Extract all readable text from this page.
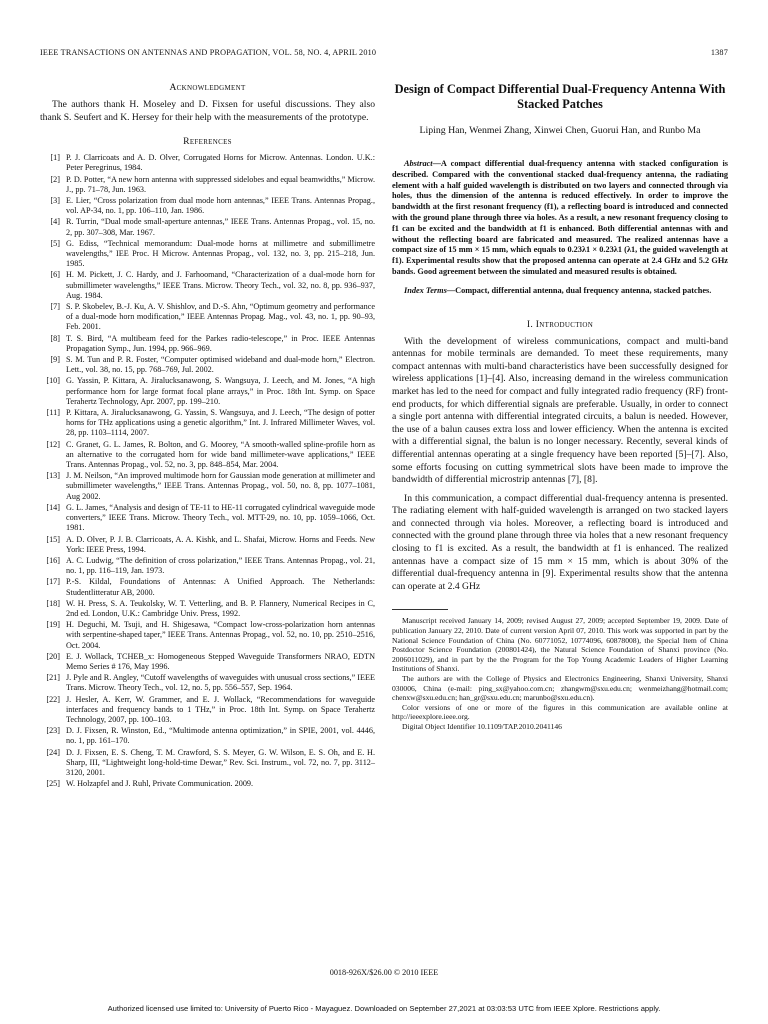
IEEE TRANSACTIONS ON ANTENNAS AND PROPAGATION, VOL. 58, NO. 4, APRIL 2010	1387

Acknowledgment

The authors thank H. Moseley and D. Fixsen for useful discussions. They also thank S. Seufert and K. Hersey for their help with the measurements of the prototype.

References

[1] P. J. Clarricoats and A. D. Olver, Corrugated Horns for Microw. Antennas. London. U.K.: Peter Peregrinus, 1984.
[2] P. D. Potter, “A new horn antenna with suppressed sidelobes and equal beamwidths,” Microw. J., pp. 71–78, Jun. 1963.
[3] E. Lier, “Cross polarization from dual mode horn antennas,” IEEE Trans. Antennas Propag., vol. AP-34, no. 1, pp. 106–110, Jan. 1986.
[4] R. Turrin, “Dual mode small-aperture antennas,” IEEE Trans. Antennas Propag., vol. 15, no. 2, pp. 307–308, Mar. 1967.
[5] G. Ediss, “Technical memorandum: Dual-mode horns at millimetre and submillimetre wavelengths,” IEE Proc. H Microw. Antennas Propag., vol. 132, no. 3, pp. 215–218, Jun. 1985.
[6] H. M. Pickett, J. C. Hardy, and J. Farhoomand, “Characterization of a dual-mode horn for submillimeter wavelengths,” IEEE Trans. Microw. Theory Tech., vol. 32, no. 8, pp. 936–937, Aug. 1984.
[7] S. P. Skobelev, B.-J. Ku, A. V. Shishlov, and D.-S. Ahn, “Optimum geometry and performance of a dual-mode horn modification,” IEEE Antennas Propag. Mag., vol. 43, no. 1, pp. 90–93, Feb. 2001.
[8] T. S. Bird, “A multibeam feed for the Parkes radio-telescope,” in Proc. IEEE Antennas Propagation Symp., Jun. 1994, pp. 966–969.
[9] S. M. Tun and P. R. Foster, “Computer optimised wideband and dual-mode horn,” Electron. Lett., vol. 38, no. 15, pp. 768–769, Jul. 2002.
[10] G. Yassin, P. Kittara, A. Jiralucksanawong, S. Wangsuya, J. Leech, and M. Jones, “A high performance horn for large format focal plane arrays,” in Proc. 18th Int. Symp. on Space Terahertz Technology, Apr. 2007, pp. 199–210.
[11] P. Kittara, A. Jiralucksanawong, G. Yassin, S. Wangsuya, and J. Leech, “The design of potter horns for THz applications using a genetic algorithm,” Int. J. Infrared Millimeter Waves, vol. 28, pp. 1103–1114, 2007.
[12] C. Granet, G. L. James, R. Bolton, and G. Moorey, “A smooth-walled spline-profile horn as an alternative to the corrugated horn for wide band millimeter-wave applications,” IEEE Trans. Antennas Propag., vol. 52, no. 3, pp. 848–854, Mar. 2004.
[13] J. M. Neilson, “An improved multimode horn for Gaussian mode generation at millimeter and submillimeter wavelengths,” IEEE Trans. Antennas Propag., vol. 50, no. 8, pp. 1077–1081, Aug 2002.
[14] G. L. James, “Analysis and design of TE-11 to HE-11 corrugated cylindrical waveguide mode converters,” IEEE Trans. Microw. Theory Tech., vol. MTT-29, no. 10, pp. 1059–1066, Oct. 1981.
[15] A. D. Olver, P. J. B. Clarricoats, A. A. Kishk, and L. Shafai, Microw. Horns and Feeds. New York: IEEE Press, 1994.
[16] A. C. Ludwig, “The definition of cross polarization,” IEEE Trans. Antennas Propag., vol. 21, no. 1, pp. 116–119, Jan. 1973.
[17] P.-S. Kildal, Foundations of Antennas: A Unified Approach. The Netherlands: Studentlitteratur AB, 2000.
[18] W. H. Press, S. A. Teukolsky, W. T. Vetterling, and B. P. Flannery, Numerical Recipes in C, 2nd ed. London, U.K.: Cambridge Univ. Press, 1992.
[19] H. Deguchi, M. Tsuji, and H. Shigesawa, “Compact low-cross-polarization horn antennas with serpentine-shaped taper,” IEEE Trans. Antennas Propag., vol. 52, no. 10, pp. 2510–2516, Oct. 2004.
[20] E. J. Wollack, TCHEB_x: Homogeneous Stepped Waveguide Transformers NRAO, EDTN Memo Series # 176, May 1996.
[21] J. Pyle and R. Angley, “Cutoff wavelengths of waveguides with unusual cross sections,” IEEE Trans. Microw. Theory Tech., vol. 12, no. 5, pp. 556–557, Sep. 1964.
[22] J. Hesler, A. Kerr, W. Grammer, and E. J. Wollack, “Recommendations for waveguide interfaces and frequency bands to 1 THz,” in Proc. 18th Int. Symp. on Space Terahertz Technology, 2007, pp. 100–103.
[23] D. J. Fixsen, R. Winston, Ed., “Multimode antenna optimization,” in SPIE, 2001, vol. 4446, no. 1, pp. 161–170.
[24] D. J. Fixsen, E. S. Cheng, T. M. Crawford, S. S. Meyer, G. W. Wilson, E. S. Oh, and E. H. Sharp, III, “Lightweight long-hold-time Dewar,” Rev. Sci. Instrum., vol. 72, no. 7, pp. 3112–3120, 2001.
[25] W. Holzapfel and J. Ruhl, Private Communication. 2009.

Design of Compact Differential Dual-Frequency Antenna With Stacked Patches

Liping Han, Wenmei Zhang, Xinwei Chen, Guorui Han, and Runbo Ma

Abstract—A compact differential dual-frequency antenna with stacked configuration is described. Compared with the conventional stacked dual-frequency antenna, the radiating element with a half guided wavelength is distributed on two layers and connected through via holes, thus the dimension of the antenna is reduced effectively. In order to improve the bandwidth at the first resonant frequency (f1), a reflecting board is introduced and connected with the ground plane through three via holes. As a result, a new resonant frequency closing to f1 can be excited and the bandwidth at f1 is enhanced. Both differential antennas with and without the reflecting board are fabricated and measured. The realized antennas have a compact size of 15 mm × 15 mm, which equals to 0.23λ1 × 0.23λ1 (λ1, the guided wavelength at f1). Experimental results show that the proposed antenna can operate at 2.4 GHz and 5.2 GHz bands. Good agreement between the simulated and measured results is obtained.

Index Terms—Compact, differential antenna, dual frequency antenna, stacked patches.

I. Introduction

With the development of wireless communications, compact and multi-band antennas for mobile terminals are demanded. To meet these requirements, many compact antennas with multi-band characteristics have been successfully designed for wireless applications [1]–[4]. Also, increasing demand in the wireless communication market has led to the need for compact and fully integrated radio frequency (RF) front-end products, for which differential signals are preferable. Usually, in order to connect a single port antenna with differential integrated circuits, a balun is needed. However, the use of a balun causes extra loss and lower efficiency. When the antenna is excited with a differential signal, the balun is no longer necessary. Recently, several kinds of differential antennas operating at a single frequency have been reported [5]–[7]. Also, some efforts focusing on cutting symmetrical slots have been made to improve the bandwidth of differential microstrip antennas [7], [8].

In this communication, a compact differential dual-frequency antenna is presented. The radiating element with half-guided wavelength is arranged on two stacked layers and connected through via holes. Moreover, a reflecting board is introduced and connected with the ground plane through three via holes that a new resonant frequency closing to f1 is excited. As a result, the bandwidth at f1 is enhanced. The realized antennas have a compact size of 15 mm × 15 mm, which is about 30% of the differential dual-frequency antenna in [9]. Experimental results show that the antenna can operate at 2.4 GHz

Manuscript received January 14, 2009; revised August 27, 2009; accepted September 19, 2009. Date of publication January 22, 2010. Date of current version April 07, 2010. This work was supported in part by the National Science Foundation of China (No. 60771052, 10774096, 60878008), the Special Item of China Postdoctor Science Foundation (200801424), the Natural Science Foundation of Shanxi province (No. 2006011029), and in part by the the Program for the Top Young Academic Leaders of Higher Learning Institutions of Shanxi.

The authors are with the College of Physics and Electronics Engineering, Shanxi University, Shanxi 030006, China (e-mail: ping_sx@yahoo.com.cn; zhangwm@sxu.edu.cn; wenmeizhang@hotmail.com; chenxw@sxu.edu.cn; han_gr@sxu.edu.cn; marunbo@sxu.edu.cn).

Color versions of one or more of the figures in this communication are available online at http://ieeexplore.ieee.org.

Digital Object Identifier 10.1109/TAP.2010.2041146

0018-926X/$26.00 © 2010 IEEE
Authorized licensed use limited to: University of Puerto Rico - Mayaguez. Downloaded on September 27,2021 at 03:03:53 UTC from IEEE Xplore. Restrictions apply.
